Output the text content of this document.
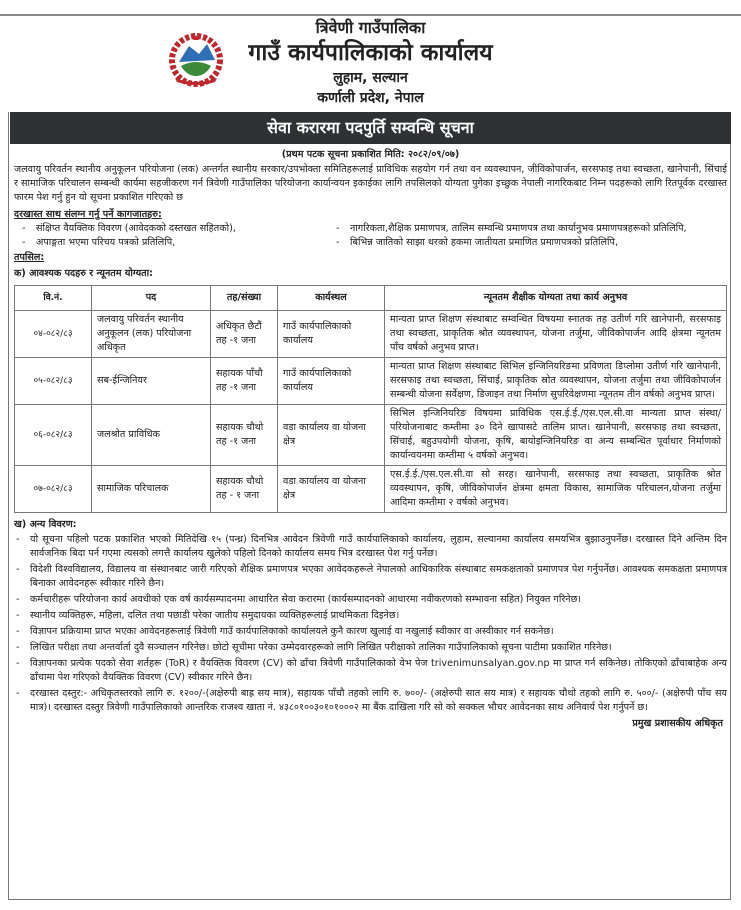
त्रिवेणी गाउँपालिका
गाउँ कार्यपालिकाको कार्यालय
लुहाम, सल्यान
कर्णाली प्रदेश, नेपाल
सेवा करारमा पदपुर्ति सम्वन्धि सूचना
(प्रथम पटक सूचना प्रकाशित मिति: २०८२/०९/०७)
जलवायु परिवर्तन स्थानीय अनुकूलन परियोजना (लक) अन्तर्गत स्थानीय सरकार/उपभोक्ता समितिहरूलाई प्राविधिक सहयोग गर्न तथा वन व्यवस्थापन, जीविकोपार्जन, सरसफाइ तथा स्वच्छता, खानेपानी, सिंचाई र सामाजिक परिचालन सम्बन्धी कार्यमा सहजीकरण गर्न त्रिवेणी गाउँपालिका परियोजना कार्यान्वयन इकाईका लागि तपसिलको योग्यता पुगेका इच्छुक नेपाली नागरिकबाट निम्न पदहरूको लागि रितपूर्वक दरखास्त फारम पेश गर्नु हुन यो सूचना प्रकाशित गरिएको छ
दरखास्त साथ संलग्न गर्नु पर्ने कागजातहरु:
- संक्षिप्त वैयक्तिक विवरण (आवेदकको दस्तखत सहितको),	- नागरिकता,शैक्षिक प्रमाणपत्र, तालिम सम्वन्धि प्रमाणपत्र तथा कार्यानुभव प्रमाणपत्रहरूको प्रतिलिपि,
- अपाङ्गता भएमा परिचय पत्रको प्रतिलिपि,	- बिभिन्न जातिको साझा थरको हकमा जातीयता प्रमाणित प्रमाणपत्रको प्रतिलिपि,
तपसिल:
क) आवश्यक पदहरु र न्यूनतम योग्यता:
वि.नं.	पद	तह/संख्या	कार्यस्थल	न्यूनतम शैक्षीक योग्यता तथा कार्य अनुभव
०४-०८२/८३	जलवायु परिवर्तन स्थानीय अनुकूलन (लक) परियोजना अधिकृत	अधिकृत छैटौं तह -१ जना	गाउँ कार्यपालिकाको कार्यालय	मान्यता प्राप्त शिक्षण संस्थाबाट सम्वन्धित विषयमा स्नातक तह उतीर्ण गरि खानेपानी, सरसफाइ तथा स्वच्छता, प्राकृतिक श्रोत व्यवस्थापन, योजना तर्जुमा, जीविकोपार्जन आदि क्षेत्रमा न्यूनतम पाँच वर्षको अनुभव प्राप्त।
०५-०८२/८३	सब-ईन्जिनियर	सहायक पाँचौ तह -१ जना	गाउँ कार्यपालिकाको कार्यालय	मान्यता प्राप्त शिक्षण संस्थाबाट सिभिल इन्जिनियरिङमा प्रविणता डिप्लोमा उतीर्ण गरि खानेपानी, सरसफाइ तथा स्वच्छता, सिंचाई, प्राकृतिक स्रोत व्यवस्थापन, योजना तर्जुमा तथा जीविकोपार्जन सम्बन्धी योजना सर्वेक्षण, डिजाइन तथा निर्माण सुपरिवेक्षणमा न्यूनतम तीन वर्षको अनुभव प्राप्त।
०६-०८२/८३	जलश्रोत प्राविधिक	सहायक चौथो तह -१ जना	वडा कार्यालय वा योजना क्षेत्र	सिभिल इन्जिनियरिङ विषयमा प्राविधिक एस.ई.ई./एस.एल.सी.वा मान्यता प्राप्त संस्था/परियोजनाबाट कम्तीमा ३० दिने खापासटे तालिम प्राप्त। खानेपानी, सरसफाइ तथा स्वच्छता, सिंचाई, बहुउपयोगी योजना, कृषि, बायोइन्जिनियरिङ वा अन्य सम्बन्धित पूर्वाधार निर्माणको कार्यान्वयनमा कम्तीमा ५ वर्षको अनुभव।
०७-०८२/८३	सामाजिक परिचालक	सहायक चौथो तह - १ जना	वडा कार्यालय वा योजना क्षेत्र	एस.ई.ई./एस.एल.सी.वा सो सरह। खानेपानी, सरसफाइ तथा स्वच्छता, प्राकृतिक श्रोत व्यवस्थापन, कृषि, जीविकोपार्जन क्षेत्रमा क्षमता विकास, सामाजिक परिचालन,योजना तर्जुमा आदिमा कम्तीमा २ वर्षको अनुभव।
ख) अन्य विवरण:
- यो सूचना पहिलो पटक प्रकाशित भएको मितिदेखि १५ (पन्ध्र) दिनभित्र आवेदन त्रिवेणी गाउँ कार्यपालिकाको कार्यालय, लुहाम, सल्यानमा कार्यालय समयभित्र बुझाउनुपर्नेछ। दरखास्त दिने अन्तिम दिन सार्वजनिक बिदा पर्न गएमा त्यसको लगत्तै कार्यालय खुलेको पहिलो दिनको कार्यालय समय भित्र दरखास्त पेश गर्नु पर्नेछ।
- विदेशी विश्वविद्यालय, विद्यालय वा संस्थानबाट जारी गरिएको शैक्षिक प्रमाणपत्र भएका आवेदकहरूले नेपालको आधिकारिक संस्थाबाट समकक्षताको प्रमाणपत्र पेश गर्नुपर्नेछ। आवश्यक समकक्षता प्रमाणपत्र बिनाका आवेदनहरू स्वीकार गरिने छैन।
- कर्मचारीहरू परियोजना कार्य अवधीको एक वर्ष कार्यसम्पादनमा आधारित सेवा करारमा (कार्यसम्पादनको आधारमा नवीकरणको सम्भावना सहित) नियुक्त गरिनेछ।
- स्थानीय व्यक्तिहरू, महिला, दलित तथा पछाडी परेका जातीय समुदायका व्यक्तिहरूलाई प्राथमिकता दिइनेछ।
- विज्ञापन प्रक्रियामा प्राप्त भएका आवेदनहरूलाई त्रिवेणी गाउँ कार्यपालिकाको कार्यालयले कुनै कारण खुलाई वा नखुलाई स्वीकार वा अस्वीकार गर्न सकनेछ।
- लिखित परीक्षा तथा अन्तर्वार्ता दुवै सञ्चालन गरिनेछ। छोटो सूचीमा परेका उम्मेदवारहरूको लागि लिखित परीक्षाको तालिका गाउँपालिकाको सूचना पाटीमा प्रकाशित गरिनेछ।
- विज्ञापनका प्रत्येक पदको सेवा शर्तहरू (ToR) र वैयक्तिक विवरण (CV) को ढाँचा त्रिवेणी गाउँपालिकाको वेभ पेज trivenimunsalyan.gov.np मा प्राप्त गर्न सकिनेछ। तोकिएको ढाँचाबाहेक अन्य ढाँचामा पेश गरिएको वैयक्तिक विवरण (CV) स्वीकार गरिने छैन।
- दरखास्त दस्तुर:- अधिकृतस्तरको लागि रु. १२००/-(अक्षेरुपी बाह्र सय मात्र), सहायक पाँचौ तहको लागि रु. ७००/- (अक्षेरुपी सात सय मात्र) र सहायक चौथो तहको लागि रु. ५००/- (अक्षेरुपी पाँच सय मात्र)। दरखास्त दस्तुर त्रिवेणी गाउँपालिकाको आन्तरिक राजश्व खाता नं. ४३८०१००३०१०१०००२ मा बैंक दाखिला गरि सो को सक्कल भौचर आवेदनका साथ अनिवार्य पेश गर्नुपर्ने छ।
प्रमुख प्रशासकीय अधिकृत
